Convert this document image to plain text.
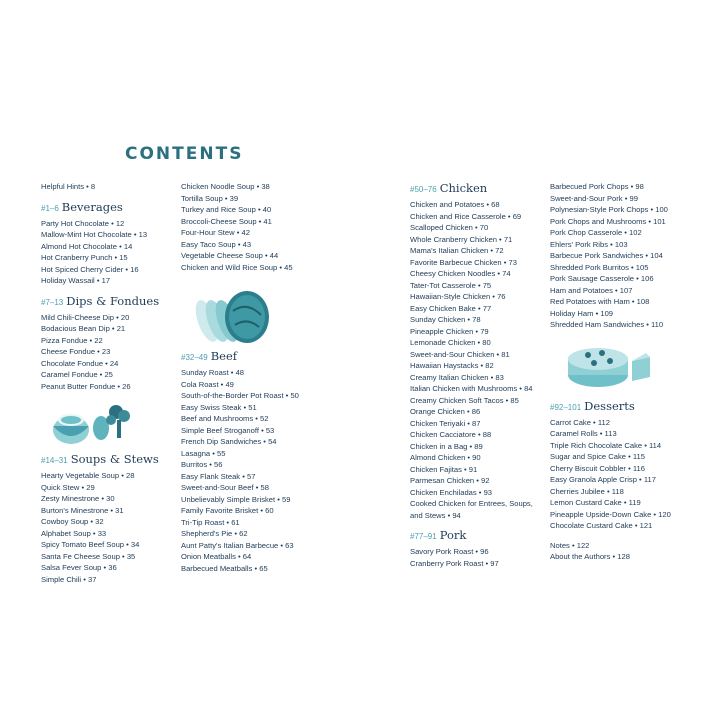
CONTENTS
Helpful Hints • 8
#1–6 Beverages
Party Hot Chocolate • 12
Mallow-Mint Hot Chocolate • 13
Almond Hot Chocolate • 14
Hot Cranberry Punch • 15
Hot Spiced Cherry Cider • 16
Holiday Wassail • 17
#7–13 Dips & Fondues
Mild Chili-Cheese Dip • 20
Bodacious Bean Dip • 21
Pizza Fondue • 22
Cheese Fondue • 23
Chocolate Fondue • 24
Caramel Fondue • 25
Peanut Butter Fondue • 26
#14–31 Soups & Stews
Hearty Vegetable Soup • 28
Quick Stew • 29
Zesty Minestrone • 30
Burton's Minestrone • 31
Cowboy Soup • 32
Alphabet Soup • 33
Spicy Tomato Beef Soup • 34
Santa Fe Cheese Soup • 35
Salsa Fever Soup • 36
Simple Chili • 37
Chicken Noodle Soup • 38
Tortilla Soup • 39
Turkey and Rice Soup • 40
Broccoli-Cheese Soup • 41
Four-Hour Stew • 42
Easy Taco Soup • 43
Vegetable Cheese Soup • 44
Chicken and Wild Rice Soup • 45
#32–49 Beef
Sunday Roast • 48
Cola Roast • 49
South-of-the-Border Pot Roast • 50
Easy Swiss Steak • 51
Beef and Mushrooms • 52
Simple Beef Stroganoff • 53
French Dip Sandwiches • 54
Lasagna • 55
Burritos • 56
Easy Flank Steak • 57
Sweet-and-Sour Beef • 58
Unbelievably Simple Brisket • 59
Family Favorite Brisket • 60
Tri-Tip Roast • 61
Shepherd's Pie • 62
Aunt Patty's Italian Barbecue • 63
Onion Meatballs • 64
Barbecued Meatballs • 65
#50–76 Chicken
Chicken and Potatoes • 68
Chicken and Rice Casserole • 69
Scalloped Chicken • 70
Whole Cranberry Chicken • 71
Mama's Italian Chicken • 72
Favorite Barbecue Chicken • 73
Cheesy Chicken Noodles • 74
Tater-Tot Casserole • 75
Hawaiian-Style Chicken • 76
Easy Chicken Bake • 77
Sunday Chicken • 78
Pineapple Chicken • 79
Lemonade Chicken • 80
Sweet-and-Sour Chicken • 81
Hawaiian Haystacks • 82
Creamy Italian Chicken • 83
Italian Chicken with Mushrooms • 84
Creamy Chicken Soft Tacos • 85
Orange Chicken • 86
Chicken Teriyaki • 87
Chicken Cacciatore • 88
Chicken in a Bag • 89
Almond Chicken • 90
Chicken Fajitas • 91
Parmesan Chicken • 92
Chicken Enchiladas • 93
Cooked Chicken for Entrees, Soups, and Stews • 94
#77–91 Pork
Savory Pork Roast • 96
Cranberry Pork Roast • 97
Barbecued Pork Chops • 98
Sweet-and-Sour Pork • 99
Polynesian-Style Pork Chops • 100
Pork Chops and Mushrooms • 101
Pork Chop Casserole • 102
Ehlers' Pork Ribs • 103
Barbecue Pork Sandwiches • 104
Shredded Pork Burritos • 105
Pork Sausage Casserole • 106
Ham and Potatoes • 107
Red Potatoes with Ham • 108
Holiday Ham • 109
Shredded Ham Sandwiches • 110
#92–101 Desserts
Carrot Cake • 112
Caramel Rolls • 113
Triple Rich Chocolate Cake • 114
Sugar and Spice Cake • 115
Cherry Biscuit Cobbler • 116
Easy Granola Apple Crisp • 117
Cherries Jubilee • 118
Lemon Custard Cake • 119
Pineapple Upside-Down Cake • 120
Chocolate Custard Cake • 121
Notes • 122
About the Authors • 128
